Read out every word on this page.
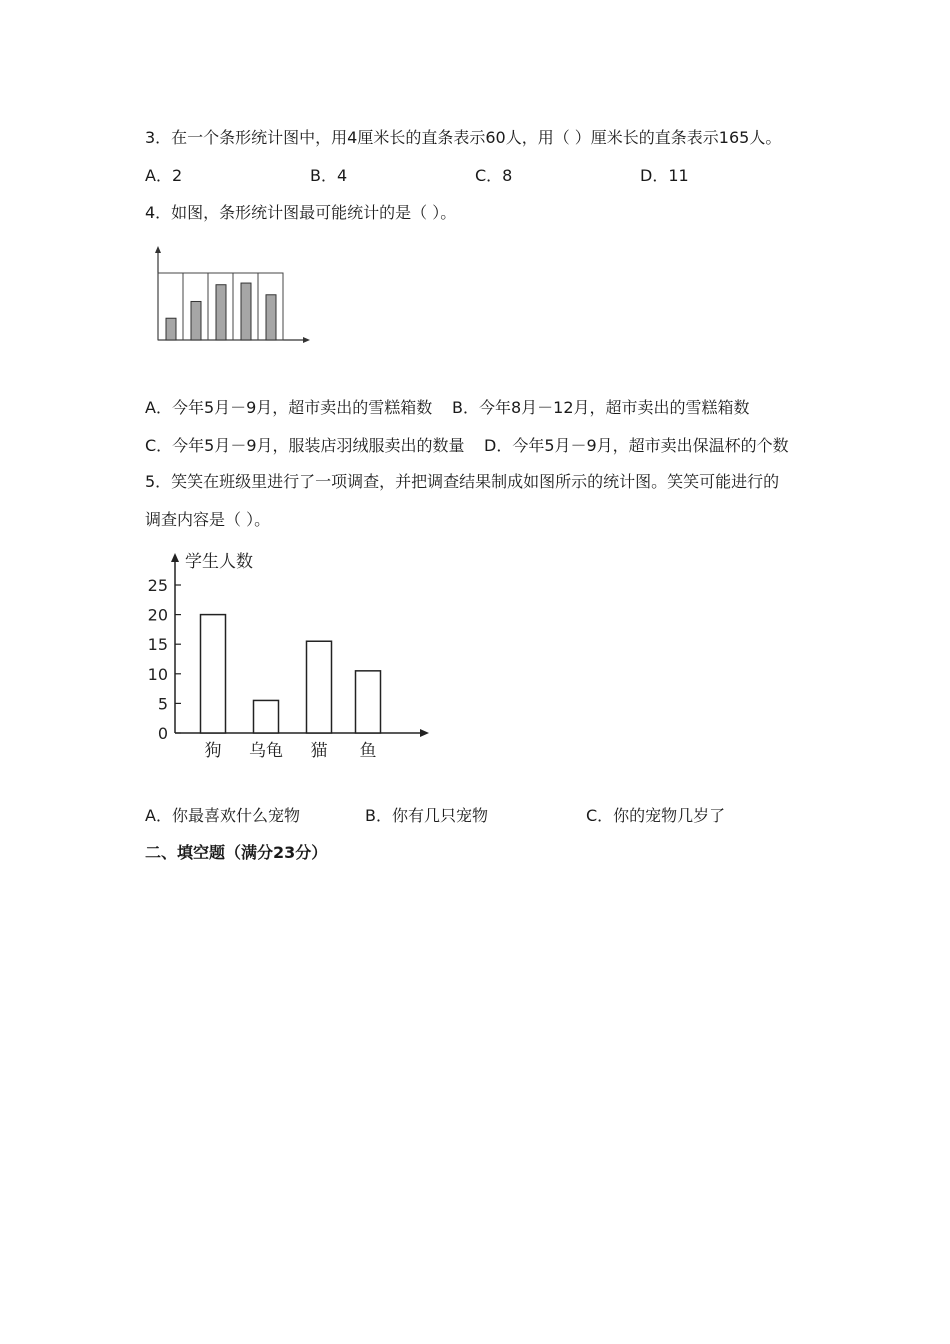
3．在一个条形统计图中，用4厘米长的直条表示60人，用（ ）厘米长的直条表示165人。
A．2	B．4	C．8	D．11
4．如图，条形统计图最可能统计的是（ ）。
A．今年5月－9月，超市卖出的雪糕箱数 B．今年8月－12月，超市卖出的雪糕箱数
C．今年5月－9月，服装店羽绒服卖出的数量 D．今年5月－9月，超市卖出保温杯的个数
5．笑笑在班级里进行了一项调查，并把调查结果制成如图所示的统计图。笑笑可能进行的
调查内容是（ ）。
学生人数
0
5
10
15
20
25
狗 乌龟 猫 鱼
A．你最喜欢什么宠物	B．你有几只宠物	C．你的宠物几岁了
二、填空题（满分23分）
